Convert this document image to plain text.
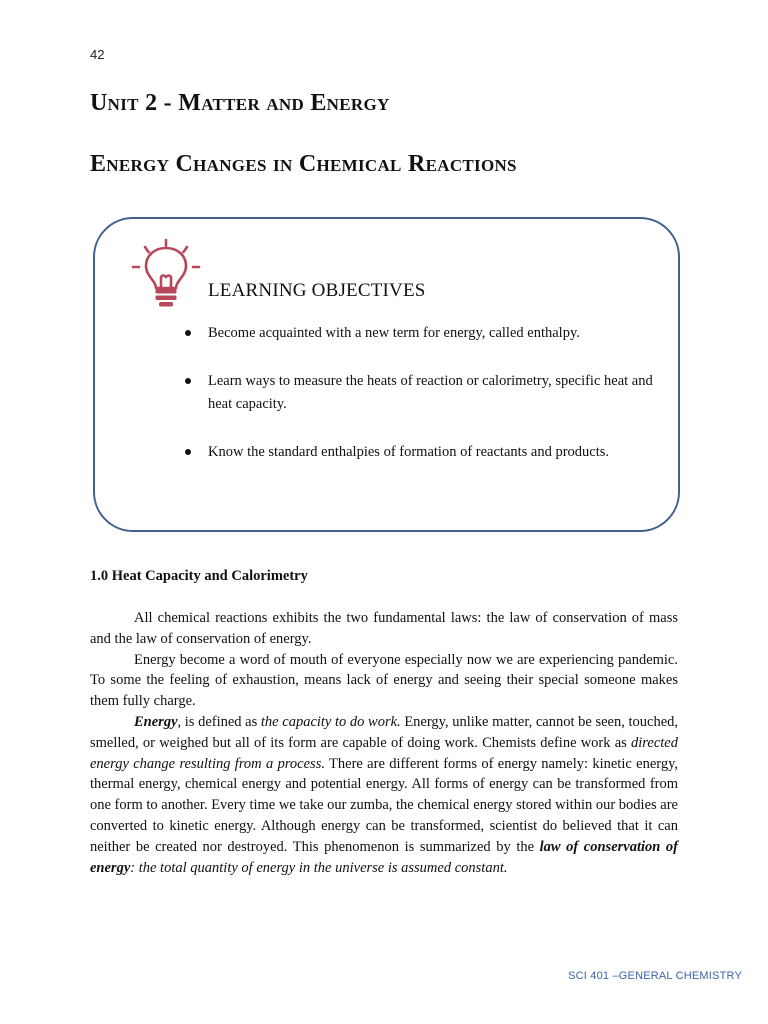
42
Unit 2 - Matter and Energy
Energy Changes in Chemical Reactions
LEARNING OBJECTIVES
Become acquainted with a new term for energy, called enthalpy.
Learn ways to measure the heats of reaction or calorimetry, specific heat and heat capacity.
Know the standard enthalpies of formation of reactants and products.
1.0 Heat Capacity and Calorimetry

All chemical reactions exhibits the two fundamental laws: the law of conservation of mass and the law of conservation of energy.

Energy become a word of mouth of everyone especially now we are experiencing pandemic. To some the feeling of exhaustion, means lack of energy and seeing their special someone makes them fully charge.

Energy, is defined as the capacity to do work. Energy, unlike matter, cannot be seen, touched, smelled, or weighed but all of its form are capable of doing work. Chemists define work as directed energy change resulting from a process. There are different forms of energy namely: kinetic energy, thermal energy, chemical energy and potential energy. All forms of energy can be transformed from one form to another. Every time we take our zumba, the chemical energy stored within our bodies are converted to kinetic energy. Although energy can be transformed, scientist do believed that it can neither be created nor destroyed. This phenomenon is summarized by the law of conservation of energy: the total quantity of energy in the universe is assumed constant.

SCI 401 –GENERAL CHEMISTRY
